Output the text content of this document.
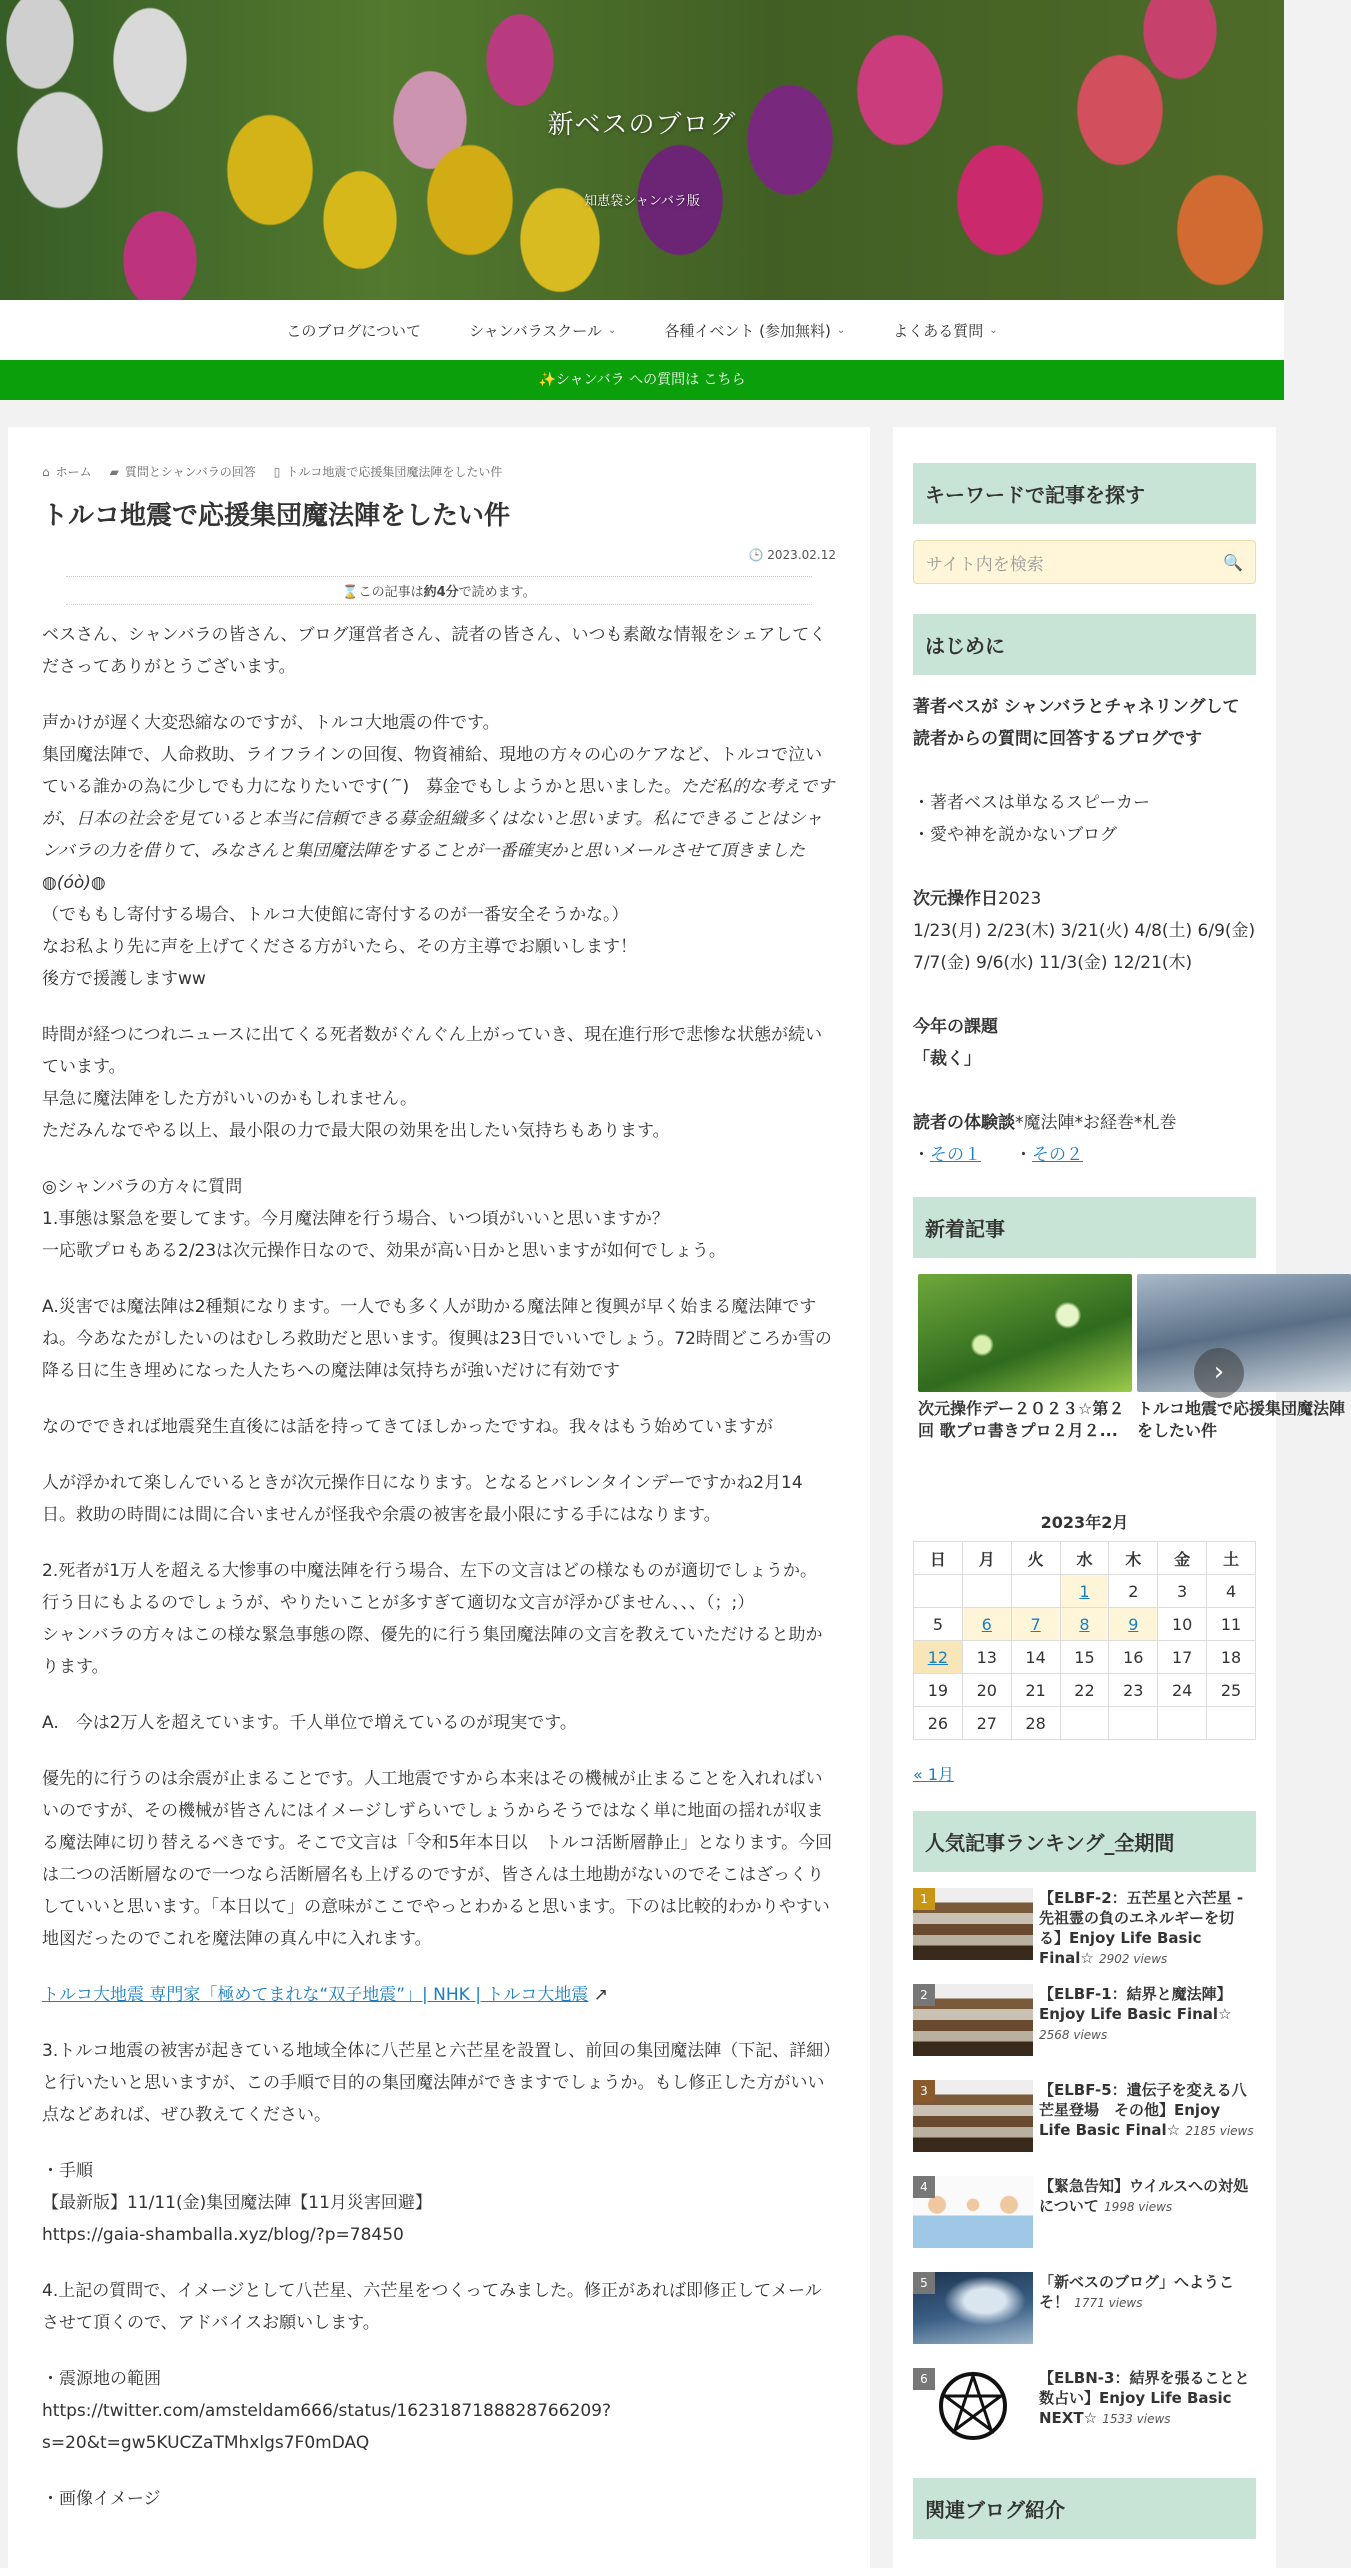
新ベスのブログ
知恵袋シャンバラ版
このブログについて	シャンバラスクール ⌄	各種イベント (参加無料) ⌄	よくある質問 ⌄
✨シャンバラ への質問は こちら
⌂ ホーム ▰ 質問とシャンバラの回答 ▯ トルコ地震で応援集団魔法陣をしたい件
トルコ地震で応援集団魔法陣をしたい件
🕒 2023.02.12
⌛この記事は約4分で読めます。

ベスさん、シャンバラの皆さん、ブログ運営者さん、読者の皆さん、いつも素敵な情報をシェアしてくださってありがとうございます。

声かけが遅く大変恐縮なのですが、トルコ大地震の件です。
集団魔法陣で、人命救助、ライフラインの回復、物資補給、現地の方々の心のケアなど、トルコで泣いている誰かの為に少しでも力になりたいです(´ ̄)　募金でもしようかと思いました。ただ私的な考えですが、日本の社会を見ていると本当に信頼できる募金組織多くはないと思います。私にできることはシャンバラの力を借りて、みなさんと集団魔法陣をすることが一番確実かと思いメールさせて頂きました◍(óò)◍
（でももし寄付する場合、トルコ大使館に寄付するのが一番安全そうかな。）
なお私より先に声を上げてくださる方がいたら、その方主導でお願いします！
後方で援護しますww

時間が経つにつれニュースに出てくる死者数がぐんぐん上がっていき、現在進行形で悲惨な状態が続いています。
早急に魔法陣をした方がいいのかもしれません。
ただみんなでやる以上、最小限の力で最大限の効果を出したい気持ちもあります。

◎シャンバラの方々に質問
1.事態は緊急を要してます。今月魔法陣を行う場合、いつ頃がいいと思いますか？
一応歌プロもある2/23は次元操作日なので、効果が高い日かと思いますが如何でしょう。

A.災害では魔法陣は2種類になります。一人でも多く人が助かる魔法陣と復興が早く始まる魔法陣ですね。今あなたがしたいのはむしろ救助だと思います。復興は23日でいいでしょう。72時間どころか雪の降る日に生き埋めになった人たちへの魔法陣は気持ちが強いだけに有効です

なのでできれば地震発生直後には話を持ってきてほしかったですね。我々はもう始めていますが

人が浮かれて楽しんでいるときが次元操作日になります。となるとバレンタインデーですかね2月14日。救助の時間には間に合いませんが怪我や余震の被害を最小限にする手にはなります。

2.死者が1万人を超える大惨事の中魔法陣を行う場合、左下の文言はどの様なものが適切でしょうか。
行う日にもよるのでしょうが、やりたいことが多すぎて適切な文言が浮かびません、、、（；;）
シャンバラの方々はこの様な緊急事態の際、優先的に行う集団魔法陣の文言を教えていただけると助かります。

A.　今は2万人を超えています。千人単位で増えているのが現実です。

優先的に行うのは余震が止まることです。人工地震ですから本来はその機械が止まることを入れればいいのですが、その機械が皆さんにはイメージしずらいでしょうからそうではなく単に地面の揺れが収まる魔法陣に切り替えるべきです。そこで文言は「令和5年本日以　トルコ活断層静止」となります。今回は二つの活断層なので一つなら活断層名も上げるのですが、皆さんは土地勘がないのでそこはざっくりしていいと思います。「本日以て」の意味がここでやっとわかると思います。下のは比較的わかりやすい地図だったのでこれを魔法陣の真ん中に入れます。

トルコ大地震 専門家「極めてまれな“双子地震”」| NHK | トルコ大地震 ↗

3.トルコ地震の被害が起きている地域全体に八芒星と六芒星を設置し、前回の集団魔法陣（下記、詳細）と行いたいと思いますが、この手順で目的の集団魔法陣ができますでしょうか。もし修正した方がいい点などあれば、ぜひ教えてください。

・手順
【最新版】11/11(金)集団魔法陣【11月災害回避】
https://gaia-shamballa.xyz/blog/?p=78450

4.上記の質問で、イメージとして八芒星、六芒星をつくってみました。修正があれば即修正してメールさせて頂くので、アドバイスお願いします。

・震源地の範囲
https://twitter.com/amsteldam666/status/1623187188828766209?
s=20&t=gw5KUCZaTMhxlgs7F0mDAQ

・画像イメージ

キーワードで記事を探す
サイト内を検索	🔍
はじめに
著者ベスが シャンバラとチャネリングして 読者からの質問に回答するブログです
・著者ベスは単なるスピーカー
・愛や神を説かないブログ
次元操作日2023
1/23(月) 2/23(木) 3/21(火) 4/8(土) 6/9(金)
7/7(金) 9/6(水) 11/3(金) 12/21(木)
今年の課題
「裁く」
読者の体験談*魔法陣*お経巻*札巻
・その１　　・その２
新着記事
次元操作デー２０２３☆第２回 歌プロ書きプロ２月２...
トルコ地震で応援集団魔法陣をしたい件
›
2023年2月
日	月	火	水	木	金	土
			1	2	3	4
5	6	7	8	9	10	11
12	13	14	15	16	17	18
19	20	21	22	23	24	25
26	27	28				
« 1月
人気記事ランキング_全期間
1	【ELBF-2：五芒星と六芒星 - 先祖霊の負のエネルギーを切る】Enjoy Life Basic Final☆ 2902 views
2	【ELBF-1：結界と魔法陣】Enjoy Life Basic Final☆ 2568 views
3	【ELBF-5：遺伝子を変える八芒星登場　その他】Enjoy Life Basic Final☆ 2185 views
4	【緊急告知】ウイルスへの対処について 1998 views
5	「新ベスのブログ」へようこそ！ 1771 views
6	【ELBN-3：結界を張ることと数占い】Enjoy Life Basic NEXT☆ 1533 views
関連ブログ紹介
